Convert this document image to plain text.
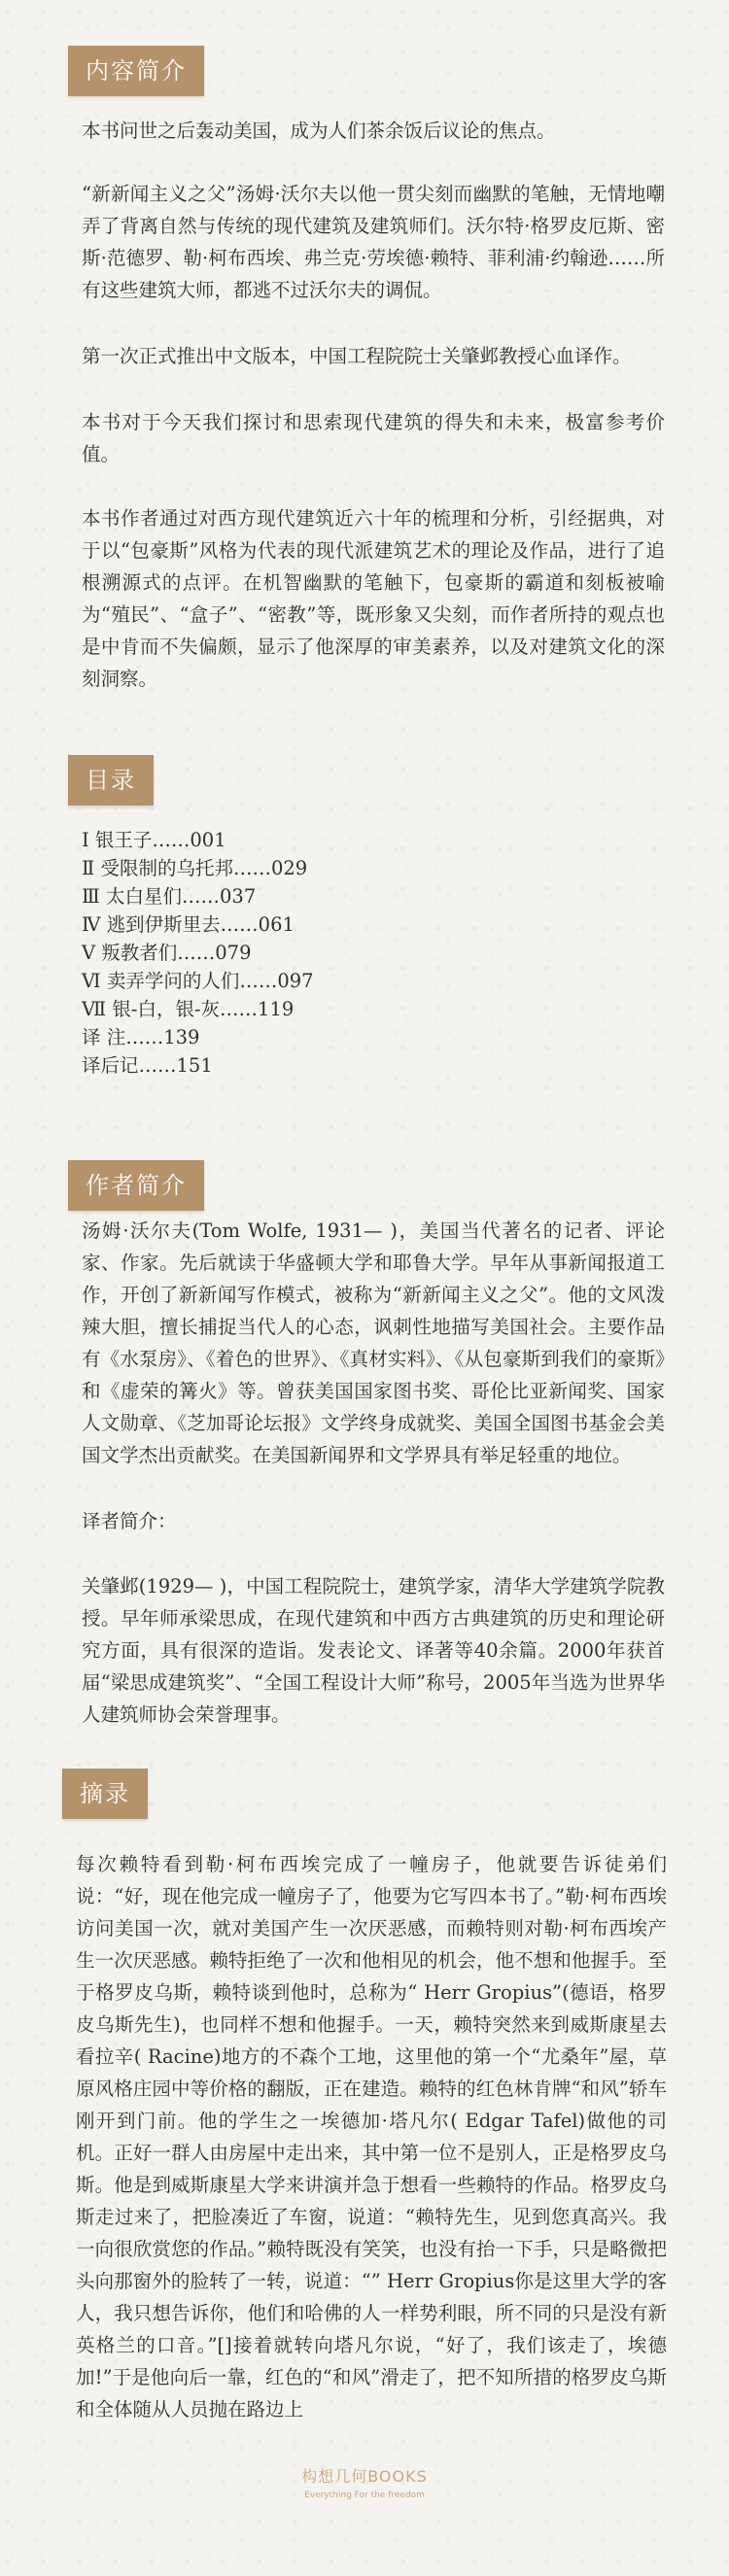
内容简介

本书问世之后轰动美国，成为人们茶余饭后议论的焦点。

“新新闻主义之父”汤姆·沃尔夫以他一贯尖刻而幽默的笔触，无情地嘲弄了背离自然与传统的现代建筑及建筑师们。沃尔特·格罗皮厄斯、密斯·范德罗、勒·柯布西埃、弗兰克·劳埃德·赖特、菲利浦·约翰逊……所有这些建筑大师，都逃不过沃尔夫的调侃。

第一次正式推出中文版本，中国工程院院士关肇邺教授心血译作。

本书对于今天我们探讨和思索现代建筑的得失和未来，极富参考价值。

本书作者通过对西方现代建筑近六十年的梳理和分析，引经据典，对于以“包豪斯”风格为代表的现代派建筑艺术的理论及作品，进行了追根溯源式的点评。在机智幽默的笔触下，包豪斯的霸道和刻板被喻为“殖民”、“盒子”、“密教”等，既形象又尖刻，而作者所持的观点也是中肯而不失偏颇，显示了他深厚的审美素养，以及对建筑文化的深刻洞察。

目录
Ⅰ 银王子……001
Ⅱ 受限制的乌托邦……029
Ⅲ 太白星们……037
Ⅳ 逃到伊斯里去……061
Ⅴ 叛教者们……079
Ⅵ 卖弄学问的人们……097
Ⅶ 银-白，银-灰……119
译 注……139
译后记……151
作者简介

汤姆·沃尔夫(Tom Wolfe, 1931— )，美国当代著名的记者、评论家、作家。先后就读于华盛顿大学和耶鲁大学。早年从事新闻报道工作，开创了新新闻写作模式，被称为“新新闻主义之父”。他的文风泼辣大胆，擅长捕捉当代人的心态，讽刺性地描写美国社会。主要作品有《水泵房》、《着色的世界》、《真材实料》、《从包豪斯到我们的豪斯》和《虚荣的篝火》等。曾获美国国家图书奖、哥伦比亚新闻奖、国家人文勋章、《芝加哥论坛报》文学终身成就奖、美国全国图书基金会美国文学杰出贡献奖。在美国新闻界和文学界具有举足轻重的地位。

译者简介：

关肇邺(1929— )，中国工程院院士，建筑学家，清华大学建筑学院教授。早年师承梁思成，在现代建筑和中西方古典建筑的历史和理论研究方面，具有很深的造诣。发表论文、译著等40余篇。2000年获首届“梁思成建筑奖”、“全国工程设计大师”称号，2005年当选为世界华人建筑师协会荣誉理事。

摘录

每次赖特看到勒·柯布西埃完成了一幢房子，他就要告诉徒弟们说：“好，现在他完成一幢房子了，他要为它写四本书了。”勒·柯布西埃访问美国一次，就对美国产生一次厌恶感，而赖特则对勒·柯布西埃产生一次厌恶感。赖特拒绝了一次和他相见的机会，他不想和他握手。至于格罗皮乌斯，赖特谈到他时，总称为“ Herr Gropius”(德语，格罗皮乌斯先生)，也同样不想和他握手。一天，赖特突然来到威斯康星去看拉辛( Racine)地方的不森个工地，这里他的第一个“尤桑年”屋，草原风格庄园中等价格的翻版，正在建造。赖特的红色林肯牌“和风”轿车刚开到门前。他的学生之一埃德加·塔凡尔( Edgar Tafel)做他的司机。正好一群人由房屋中走出来，其中第一位不是别人，正是格罗皮乌斯。他是到威斯康星大学来讲演并急于想看一些赖特的作品。格罗皮乌斯走过来了，把脸凑近了车窗，说道：“赖特先生，见到您真高兴。我一向很欣赏您的作品。”赖特既没有笑笑，也没有抬一下手，只是略微把头向那窗外的脸转了一转，说道：“” Herr Gropius你是这里大学的客人，我只想告诉你，他们和哈佛的人一样势利眼，所不同的只是没有新英格兰的口音。”[]接着就转向塔凡尔说，“好了，我们该走了，埃德加!”于是他向后一靠，红色的“和风”滑走了，把不知所措的格罗皮乌斯和全体随从人员抛在路边上

构想几何BOOKS
Everything For the freedom
